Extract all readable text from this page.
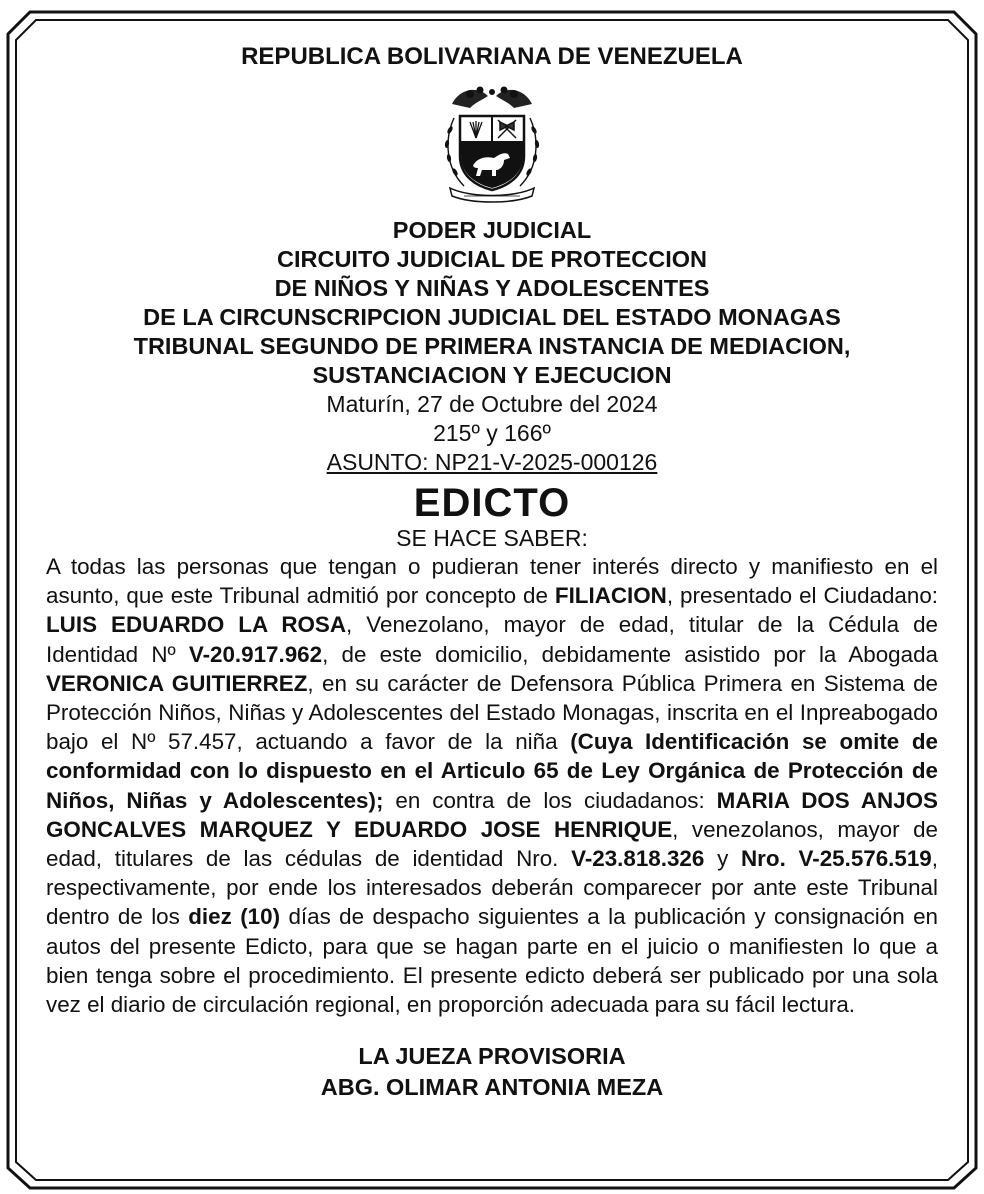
REPUBLICA BOLIVARIANA DE VENEZUELA
PODER JUDICIAL
CIRCUITO JUDICIAL DE PROTECCION
DE NIÑOS Y NIÑAS Y ADOLESCENTES
DE LA CIRCUNSCRIPCION JUDICIAL DEL ESTADO MONAGAS
TRIBUNAL SEGUNDO DE PRIMERA INSTANCIA DE MEDIACION,
SUSTANCIACION Y EJECUCION
Maturín, 27 de Octubre del 2024
215º y 166º
ASUNTO: NP21-V-2025-000126
EDICTO
SE HACE SABER:

A todas las personas que tengan o pudieran tener interés directo y manifiesto en el asunto, que este Tribunal admitió por concepto de FILIACION, presentado el Ciudadano: LUIS EDUARDO LA ROSA, Venezolano, mayor de edad, titular de la Cédula de Identidad Nº V-20.917.962, de este domicilio, debidamente asistido por la Abogada VERONICA GUITIERREZ, en su carácter de Defensora Pública Primera en Sistema de Protección Niños, Niñas y Adolescentes del Estado Monagas, inscrita en el Inpreabogado bajo el Nº 57.457, actuando a favor de la niña (Cuya Identificación se omite de conformidad con lo dispuesto en el Articulo 65 de Ley Orgánica de Protección de Niños, Niñas y Adolescentes); en contra de los ciudadanos: MARIA DOS ANJOS GONCALVES MARQUEZ Y EDUARDO JOSE HENRIQUE, venezolanos, mayor de edad, titulares de las cédulas de identidad Nro. V-23.818.326 y Nro. V-25.576.519, respectivamente, por ende los interesados deberán comparecer por ante este Tribunal dentro de los diez (10) días de despacho siguientes a la publicación y consignación en autos del presente Edicto, para que se hagan parte en el juicio o manifiesten lo que a bien tenga sobre el procedimiento. El presente edicto deberá ser publicado por una sola vez el diario de circulación regional, en proporción adecuada para su fácil lectura.

LA JUEZA PROVISORIA
ABG. OLIMAR ANTONIA MEZA
